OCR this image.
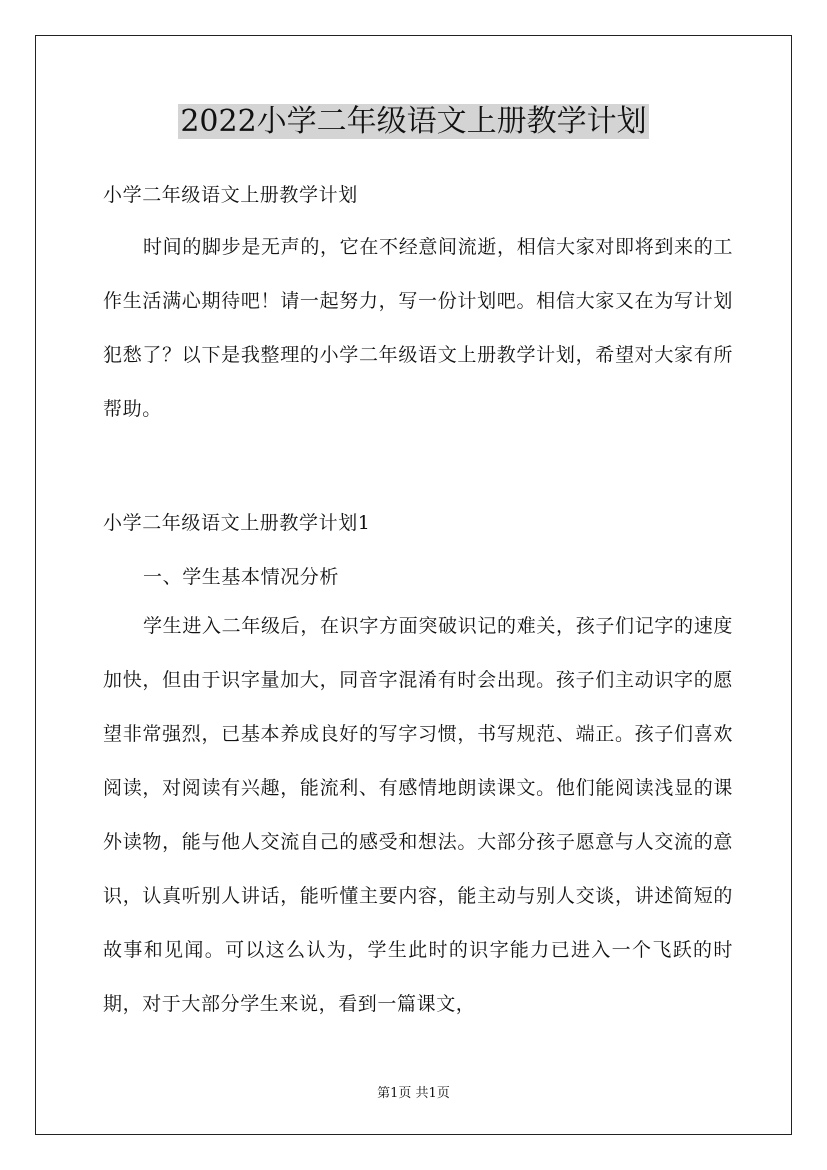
2022小学二年级语文上册教学计划
小学二年级语文上册教学计划

时间的脚步是无声的，它在不经意间流逝，相信大家对即将到来的工作生活满心期待吧！请一起努力，写一份计划吧。相信大家又在为写计划犯愁了？以下是我整理的小学二年级语文上册教学计划，希望对大家有所帮助。

小学二年级语文上册教学计划1
一、学生基本情况分析

学生进入二年级后，在识字方面突破识记的难关，孩子们记字的速度加快，但由于识字量加大，同音字混淆有时会出现。孩子们主动识字的愿望非常强烈，已基本养成良好的写字习惯，书写规范、端正。孩子们喜欢阅读，对阅读有兴趣，能流利、有感情地朗读课文。他们能阅读浅显的课外读物，能与他人交流自己的感受和想法。大部分孩子愿意与人交流的意识，认真听别人讲话，能听懂主要内容，能主动与别人交谈，讲述简短的故事和见闻。可以这么认为，学生此时的识字能力已进入一个飞跃的时期，对于大部分学生来说，看到一篇课文，

第1页 共1页
